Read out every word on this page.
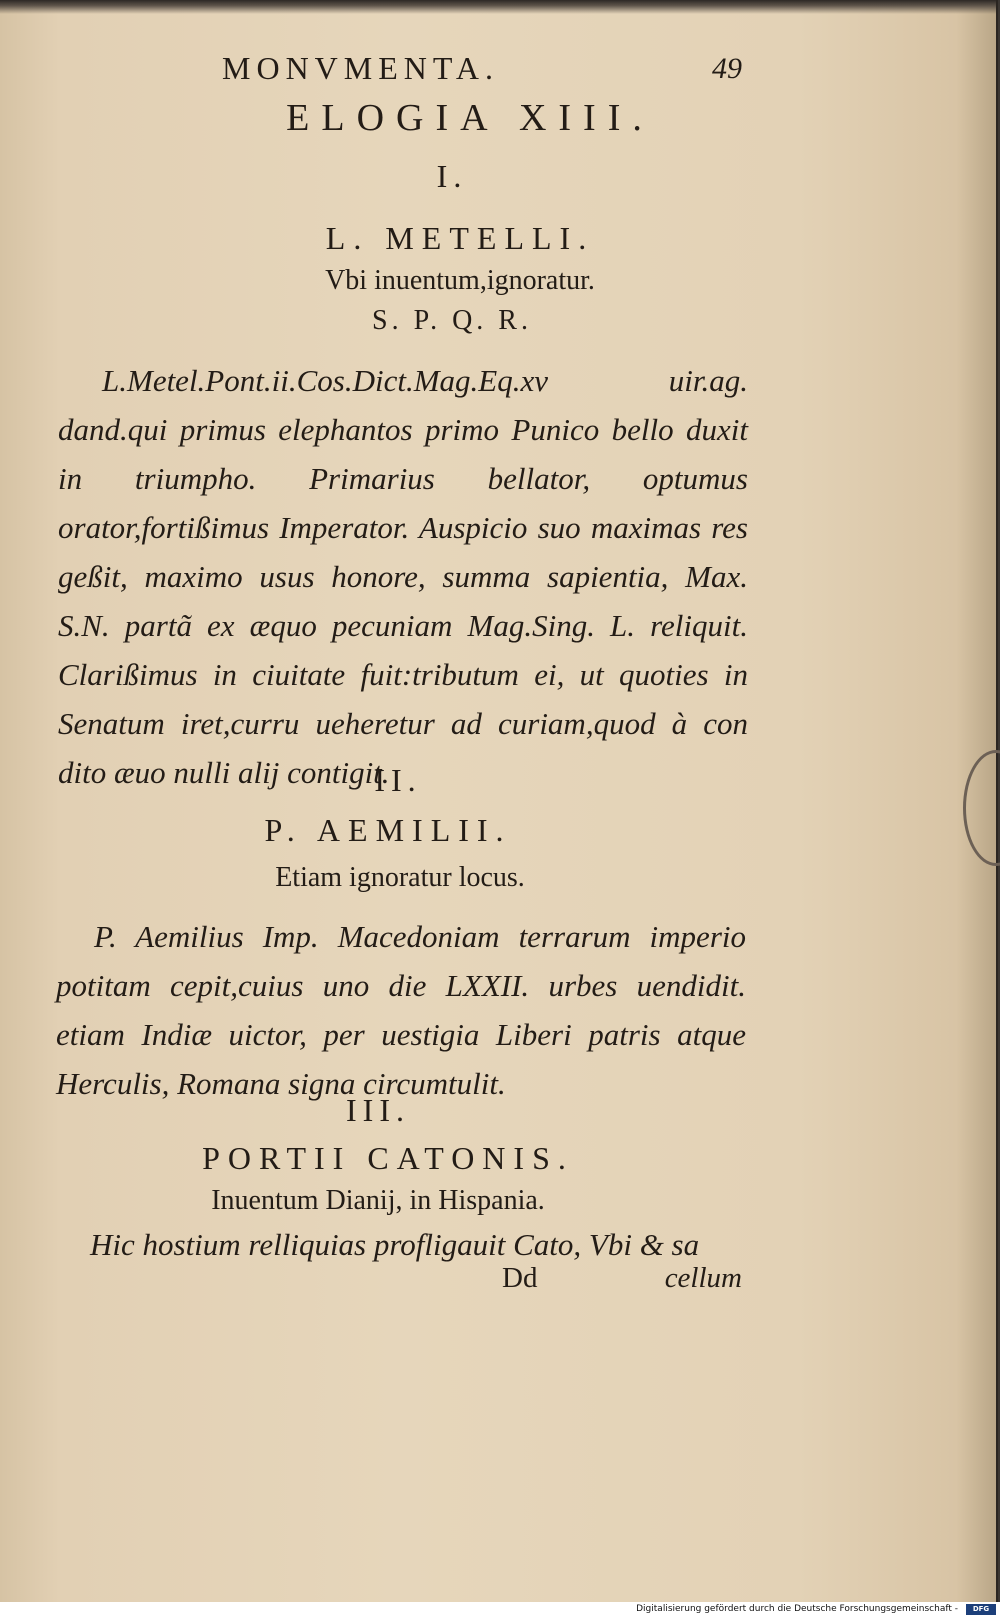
MONVMENTA.	49
ELOGIA XIII.
I.
L. METELLI.
Vbi inuentum,ignoratur.
S. P. Q. R.

L.Metel.Pont.ii.Cos.Dict.Mag.Eq.xv uir.ag. dand.qui primus elephantos primo Punico bello duxit in triumpho. Primarius bellator, optumus orator,fortißimus Imperator. Auspicio suo maximas res geßit, maximo usus honore, summa sapientia, Max. S.N. partã ex æquo pecuniam Mag.Sing. L. reliquit. Clarißimus in ciuitate fuit:tributum ei, ut quoties in Senatum iret,curru ueheretur ad curiam,quod à con dito æuo nulli alij contigit.

II.
P. AEMILII.
Etiam ignoratur locus.

P. Aemilius Imp. Macedoniam terrarum imperio potitam cepit,cuius uno die LXXII. urbes uendidit. etiam Indiæ uictor, per uestigia Liberi patris atque Herculis, Romana signa circumtulit.

III.
PORTII CATONIS.
Inuentum Dianij, in Hispania.

Hic hostium relliquias profligauit Cato, Vbi & sa

Dd	cellum
Digitalisierung gefördert durch die Deutsche Forschungsgemeinschaft -	DFG
